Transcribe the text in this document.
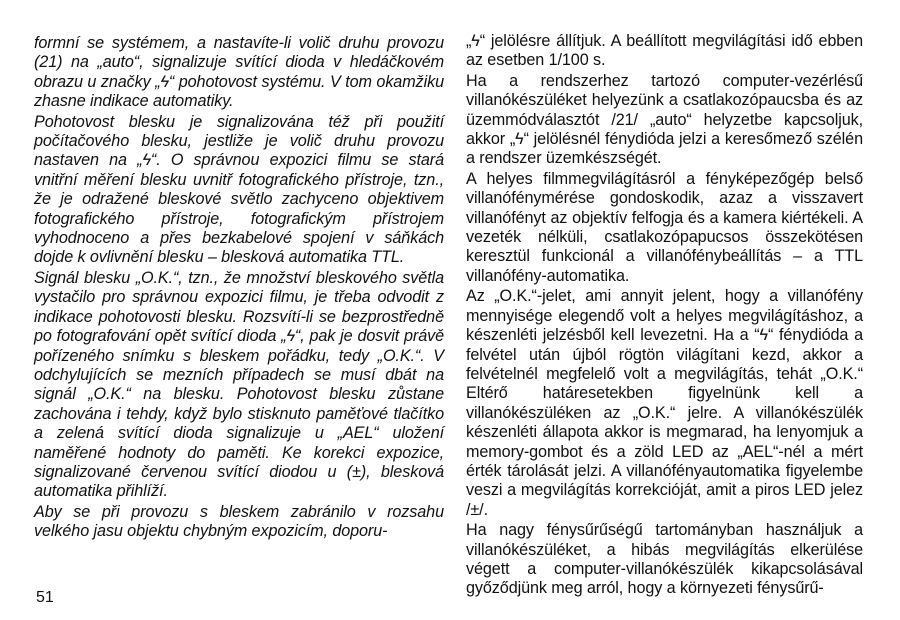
formní se systémem, a nastavíte-li volič druhu provozu (21) na „auto“, signalizuje svítící dioda v hledáčkovém obrazu u značky „ϟ“ pohotovost systému. V tom okamžiku zhasne indikace automatiky.

Pohotovost blesku je signalizována též při použití počítačového blesku, jestliže je volič druhu provozu nastaven na „ϟ“. O správnou expozici filmu se stará vnitřní měření blesku uvnitř fotografického přístroje, tzn., že je odražené bleskové světlo zachyceno objektivem fotografického přístroje, fotografickým přístrojem vyhodnoceno a přes bezkabelové spojení v sáňkách dojde k ovlivnění blesku – blesková automatika TTL.

Signál blesku „O.K.“, tzn., že množství bleskového světla vystačilo pro správnou expozici filmu, je třeba odvodit z indikace pohotovosti blesku. Rozsvítí-li se bezprostředně po fotografování opět svítící dioda „ϟ“, pak je dosvit právě pořízeného snímku s bleskem pořádku, tedy „O.K.“. V odchylujících se mezních případech se musí dbát na signál „O.K.“ na blesku. Pohotovost blesku zůstane zachována i tehdy, když bylo stisknuto paměťové tlačítko a zelená svítící dioda signalizuje u „AEL“ uložení naměřené hodnoty do paměti. Ke korekci expozice, signalizované červenou svítící diodou u (±), blesková automatika přihlíží.

Aby se při provozu s bleskem zabránilo v rozsahu velkého jasu objektu chybným expozicím, doporu-

„ϟ“ jelölésre állítjuk. A beállított megvilágítási idő ebben az esetben 1/100 s.

Ha a rendszerhez tartozó computer-vezérlésű villanókészüléket helyezünk a csatlakozópaucsba és az üzemmódválasztót /21/ „auto“ helyzetbe kapcsoljuk, akkor „ϟ“ jelölésnél fénydióda jelzi a keresőmező szélén a rendszer üzemkészségét.

A helyes filmmegvilágításról a fényképezőgép belső villanófénymérése gondoskodik, azaz a visszavert villanófényt az objektív felfogja és a kamera kiértékeli. A vezeték nélküli, csatlakozópapucsos összekötésen keresztül funkcionál a villanófénybeállítás – a TTL villanófény-automatika.

Az „O.K.“-jelet, ami annyit jelent, hogy a villanófény mennyisége elegendő volt a helyes megvilágításhoz, a készenléti jelzésből kell levezetni. Ha a “ϟ“ fénydióda a felvétel után újból rögtön világítani kezd, akkor a felvételnél megfelelő volt a megvilágítás, tehát „O.K.“ Eltérő határesetekben figyelnünk kell a villanókészüléken az „O.K.“ jelre. A villanókészülék készenléti állapota akkor is megmarad, ha lenyomjuk a memory-gombot és a zöld LED az „AEL“-nél a mért érték tárolását jelzi. A villanófényautomatika figyelembe veszi a megvilágítás korrekcióját, amit a piros LED jelez /±/.

Ha nagy fénysűrűségű tartományban használjuk a villanókészüléket, a hibás megvilágítás elkerülése végett a computer-villanókészülék kikapcsolásával győződjünk meg arról, hogy a környezeti fénysűrű-

51
